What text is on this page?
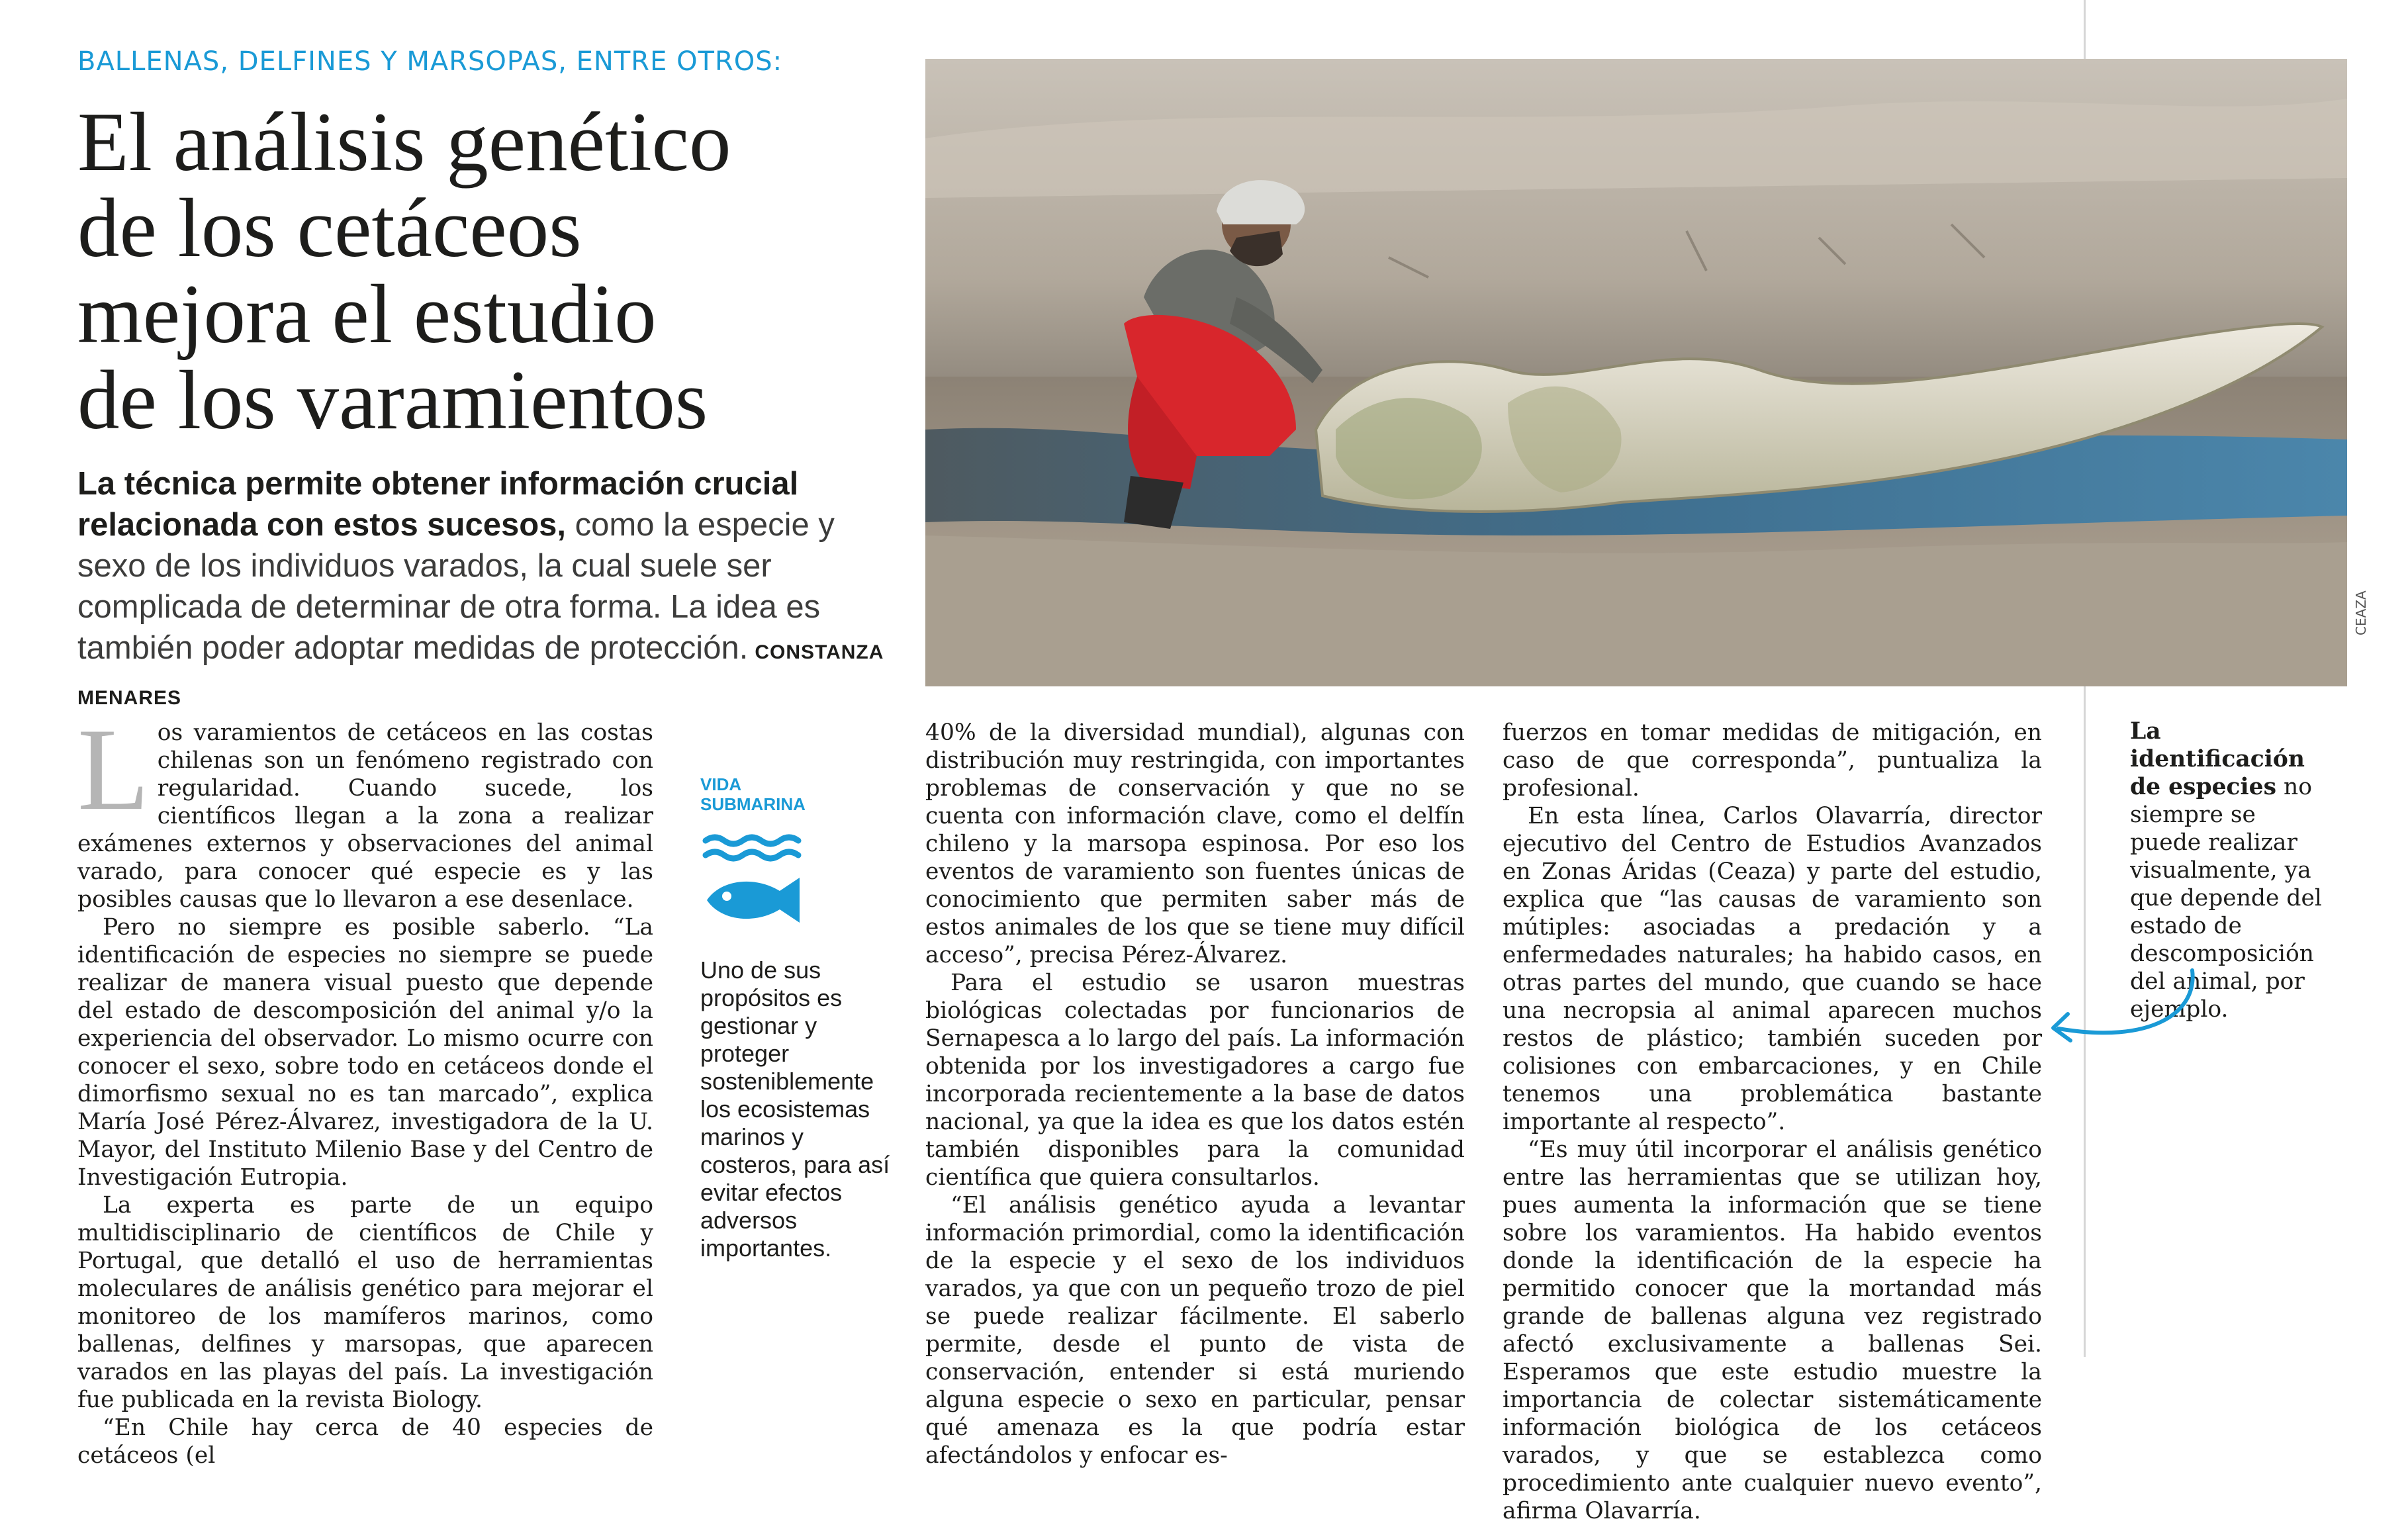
BALLENAS, DELFINES Y MARSOPAS, ENTRE OTROS:
El análisis genético
de los cetáceos
mejora el estudio
de los varamientos
La técnica permite obtener información crucial relacionada con estos sucesos, como la especie y sexo de los individuos varados, la cual suele ser complicada de determinar de otra forma. La idea es también poder adoptar medidas de protección. CONSTANZA MENARES
CEAZA

Los varamientos de cetáceos en las costas chilenas son un fenómeno registrado con regularidad. Cuando sucede, los científicos llegan a la zona a realizar exámenes externos y observaciones del animal varado, para conocer qué especie es y las posibles causas que lo llevaron a ese desenlace.

Pero no siempre es posible saberlo. “La identificación de especies no siempre se puede realizar de manera visual puesto que depende del estado de descomposición del animal y/o la experiencia del observador. Lo mismo ocurre con conocer el sexo, sobre todo en cetáceos donde el dimorfismo sexual no es tan marcado”, explica María José Pérez-Álvarez, investigadora de la U. Mayor, del Instituto Milenio Base y del Centro de Investigación Eutropia.

La experta es parte de un equipo multidisciplinario de científicos de Chile y Portugal, que detalló el uso de herramientas moleculares de análisis genético para mejorar el monitoreo de los mamíferos marinos, como ballenas, delfines y marsopas, que aparecen varados en las playas del país. La investigación fue publicada en la revista Biology.

“En Chile hay cerca de 40 especies de cetáceos (el

VIDA SUBMARINA
Uno de sus propósitos es gestionar y proteger sosteniblemente los ecosistemas marinos y costeros, para así evitar efectos adversos importantes.

40% de la diversidad mundial), algunas con distribución muy restringida, con importantes problemas de conservación y que no se cuenta con información clave, como el delfín chileno y la marsopa espinosa. Por eso los eventos de varamiento son fuentes únicas de conocimiento que permiten saber más de estos animales de los que se tiene muy difícil acceso”, precisa Pérez-Álvarez.

Para el estudio se usaron muestras biológicas colectadas por funcionarios de Sernapesca a lo largo del país. La información obtenida por los investigadores a cargo fue incorporada recientemente a la base de datos nacional, ya que la idea es que los datos estén también disponibles para la comunidad científica que quiera consultarlos.

“El análisis genético ayuda a levantar información primordial, como la identificación de la especie y el sexo de los individuos varados, ya que con un pequeño trozo de piel se puede realizar fácilmente. El saberlo permite, desde el punto de vista de conservación, entender si está muriendo alguna especie o sexo en particular, pensar qué amenaza es la que podría estar afectándolos y enfocar es-

fuerzos en tomar medidas de mitigación, en caso de que corresponda”, puntualiza la profesional.

En esta línea, Carlos Olavarría, director ejecutivo del Centro de Estudios Avanzados en Zonas Áridas (Ceaza) y parte del estudio, explica que “las causas de varamiento son mútiples: asociadas a predación y a enfermedades naturales; ha habido casos, en otras partes del mundo, que cuando se hace una necropsia al animal aparecen muchos restos de plástico; también suceden por colisiones con embarcaciones, y en Chile tenemos una problemática bastante importante al respecto”.

“Es muy útil incorporar el análisis genético entre las herramientas que se utilizan hoy, pues aumenta la información que se tiene sobre los varamientos. Ha habido eventos donde la identificación de la especie ha permitido conocer que la mortandad más grande de ballenas alguna vez registrado afectó exclusivamente a ballenas Sei. Esperamos que este estudio muestre la importancia de colectar sistemáticamente información biológica de los cetáceos varados, y que se establezca como procedimiento ante cualquier nuevo evento”, afirma Olavarría.

La identificación de especies no siempre se puede realizar visualmente, ya que depende del estado de descomposición del animal, por ejemplo.
